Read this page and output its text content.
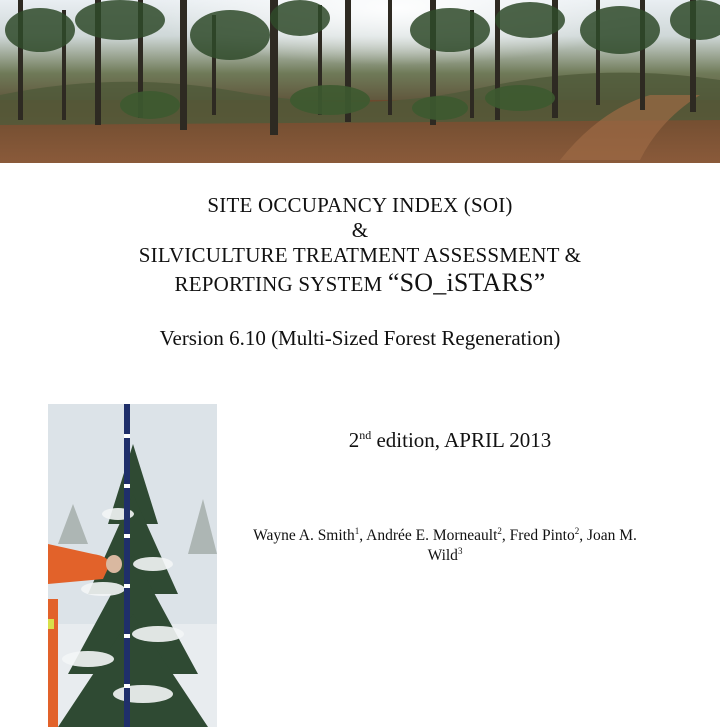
SITE OCCUPANCY INDEX (SOI)
&
SILVICULTURE TREATMENT ASSESSMENT &
REPORTING SYSTEM “SO_iSTARS”
Version 6.10 (Multi-Sized Forest Regeneration)
2nd edition, APRIL 2013
Wayne A. Smith$^1$, Andrée E. Morneault$^2$, Fred Pinto$^2$, Joan M.
Wild$^3$
